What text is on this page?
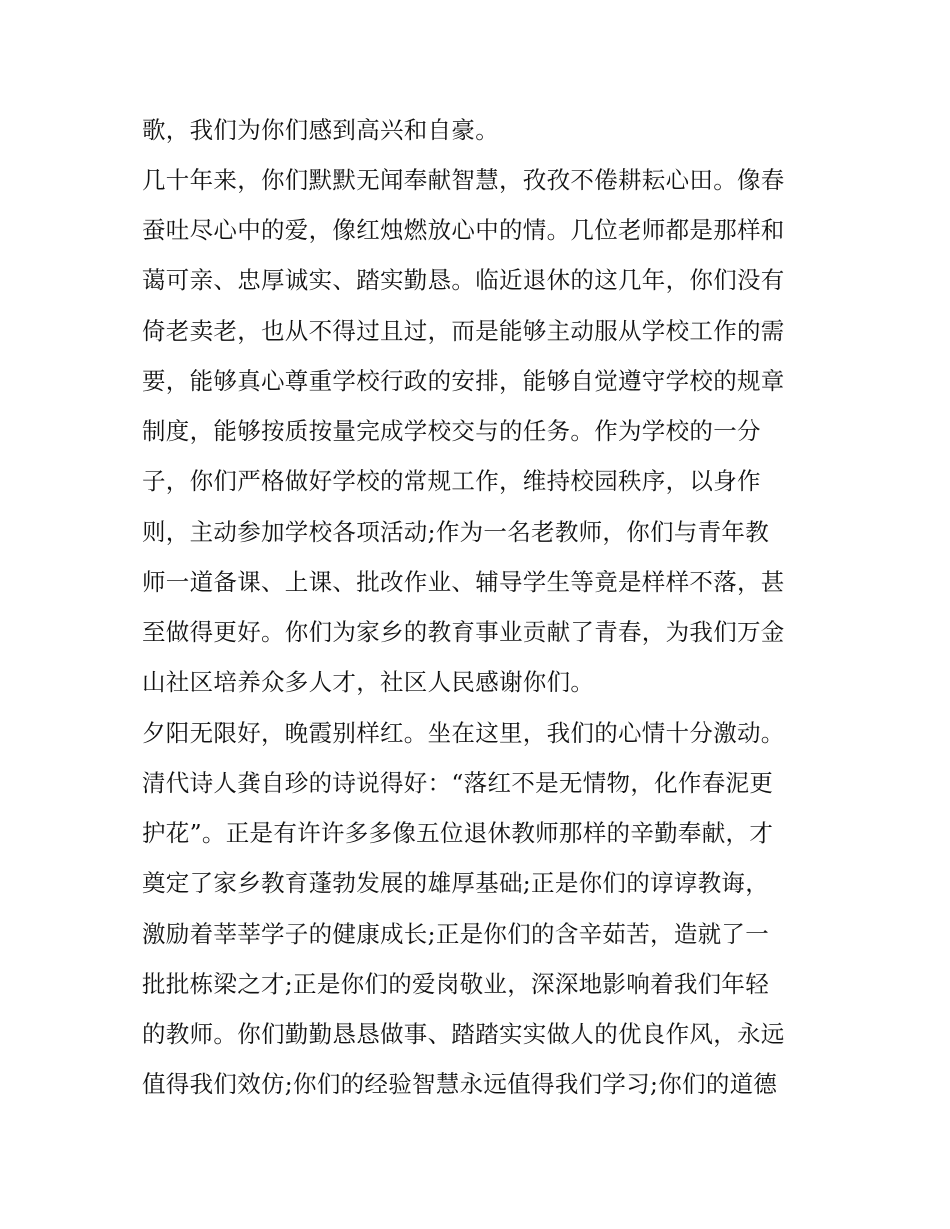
歌，我们为你们感到高兴和自豪。
几十年来，你们默默无闻奉献智慧，孜孜不倦耕耘心田。像春
蚕吐尽心中的爱，像红烛燃放心中的情。几位老师都是那样和
蔼可亲、忠厚诚实、踏实勤恳。临近退休的这几年，你们没有
倚老卖老，也从不得过且过，而是能够主动服从学校工作的需
要，能够真心尊重学校行政的安排，能够自觉遵守学校的规章
制度，能够按质按量完成学校交与的任务。作为学校的一分
子，你们严格做好学校的常规工作，维持校园秩序，以身作
则，主动参加学校各项活动;作为一名老教师，你们与青年教
师一道备课、上课、批改作业、辅导学生等竟是样样不落，甚
至做得更好。你们为家乡的教育事业贡献了青春，为我们万金
山社区培养众多人才，社区人民感谢你们。
夕阳无限好，晚霞别样红。坐在这里，我们的心情十分激动。
清代诗人龚自珍的诗说得好：“落红不是无情物，化作春泥更
护花”。正是有许许多多像五位退休教师那样的辛勤奉献，才
奠定了家乡教育蓬勃发展的雄厚基础;正是你们的谆谆教诲，
激励着莘莘学子的健康成长;正是你们的含辛茹苦，造就了一
批批栋梁之才;正是你们的爱岗敬业，深深地影响着我们年轻
的教师。你们勤勤恳恳做事、踏踏实实做人的优良作风，永远
值得我们效仿;你们的经验智慧永远值得我们学习;你们的道德
